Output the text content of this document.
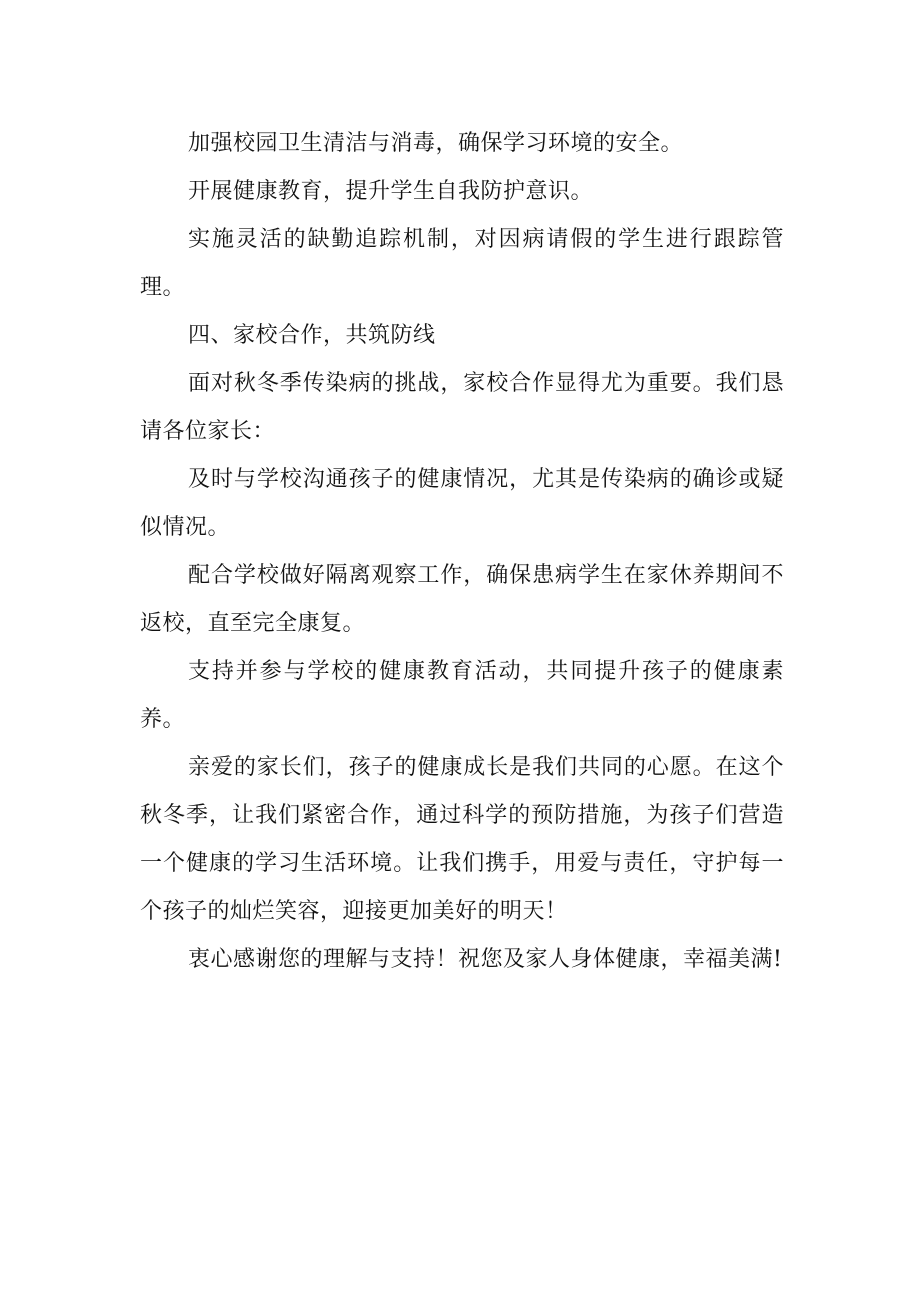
加强校园卫生清洁与消毒，确保学习环境的安全。

开展健康教育，提升学生自我防护意识。

实施灵活的缺勤追踪机制，对因病请假的学生进行跟踪管理。

四、家校合作，共筑防线

面对秋冬季传染病的挑战，家校合作显得尤为重要。我们恳请各位家长：

及时与学校沟通孩子的健康情况，尤其是传染病的确诊或疑似情况。

配合学校做好隔离观察工作，确保患病学生在家休养期间不返校，直至完全康复。

支持并参与学校的健康教育活动，共同提升孩子的健康素养。

亲爱的家长们，孩子的健康成长是我们共同的心愿。在这个秋冬季，让我们紧密合作，通过科学的预防措施，为孩子们营造一个健康的学习生活环境。让我们携手，用爱与责任，守护每一个孩子的灿烂笑容，迎接更加美好的明天！

衷心感谢您的理解与支持！祝您及家人身体健康，幸福美满!
